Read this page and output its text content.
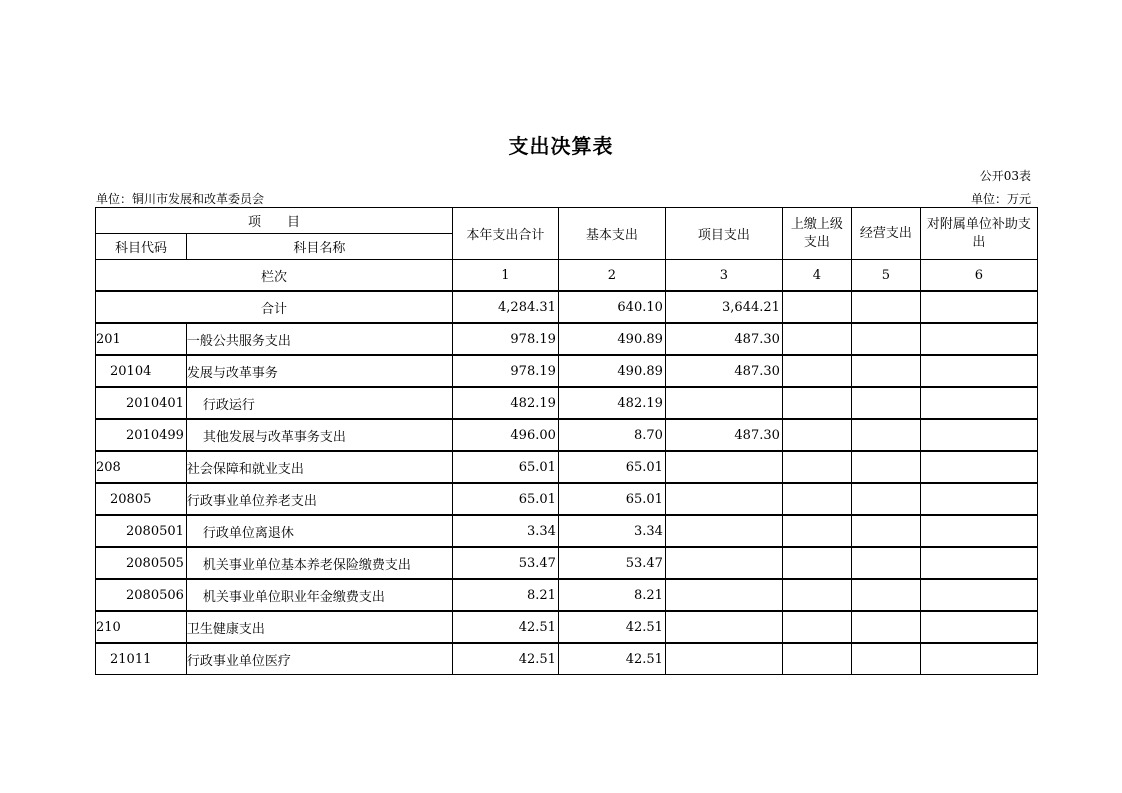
支出决算表
公开03表
单位：铜川市发展和改革委员会	单位：万元
项　　目		本年支出合计	基本支出	项目支出	上缴上级支出	经营支出	对附属单位补助支出
科目代码	科目名称						
栏次		1	2	3	4	5	6
合计		4,284.31	640.10	3,644.21			
201	一般公共服务支出	978.19	490.89	487.30			
20104	发展与改革事务	978.19	490.89	487.30			
2010401	行政运行	482.19	482.19				
2010499	其他发展与改革事务支出	496.00	8.70	487.30			
208	社会保障和就业支出	65.01	65.01				
20805	行政事业单位养老支出	65.01	65.01				
2080501	行政单位离退休	3.34	3.34				
2080505	机关事业单位基本养老保险缴费支出	53.47	53.47				
2080506	机关事业单位职业年金缴费支出	8.21	8.21				
210	卫生健康支出	42.51	42.51				
21011	行政事业单位医疗	42.51	42.51				
